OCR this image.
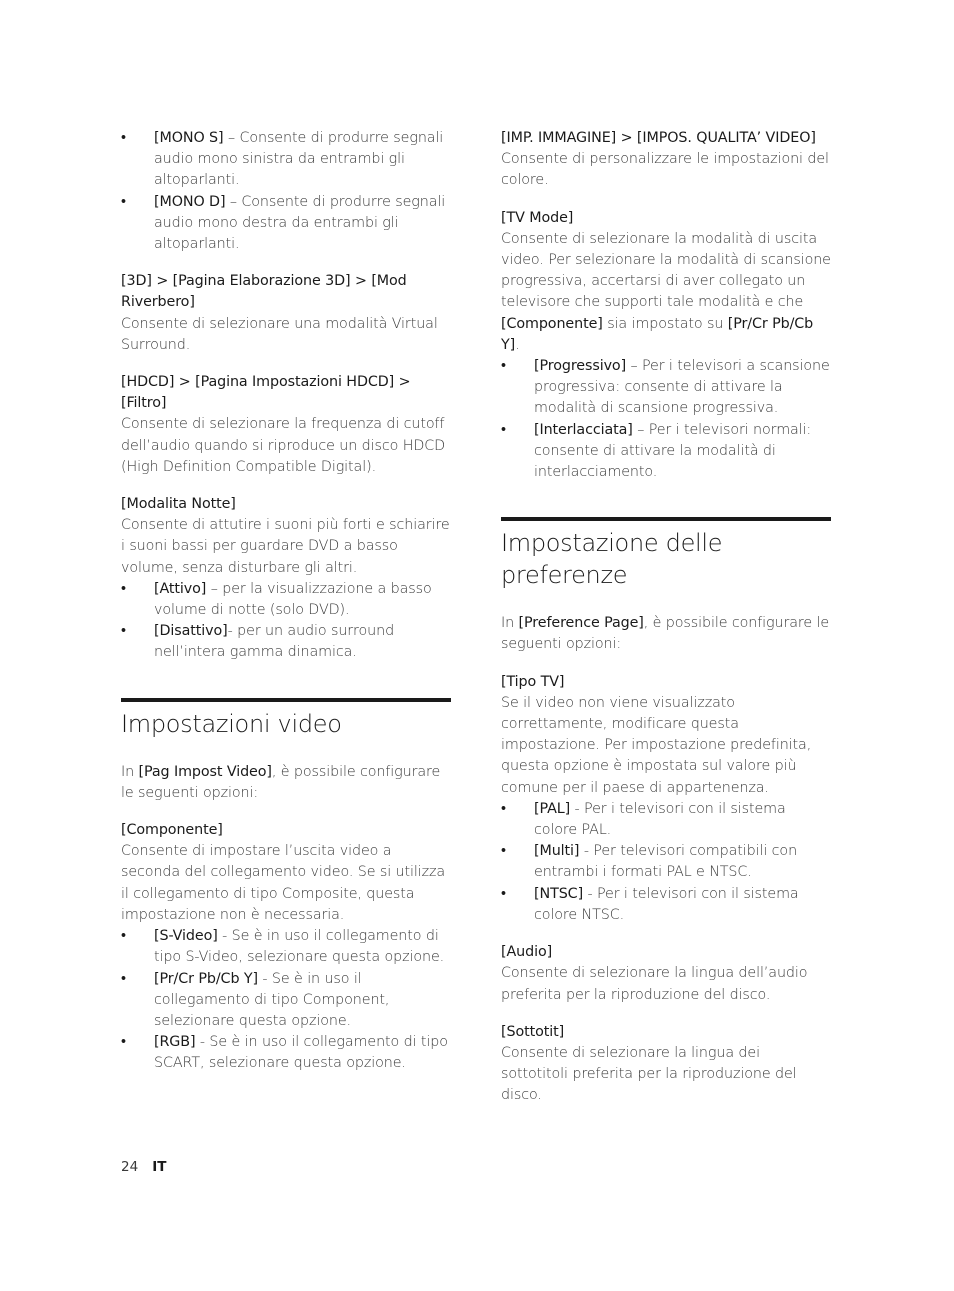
• [MONO S] – Consente di produrre segnali audio mono sinistra da entrambi gli altoparlanti.
• [MONO D] – Consente di produrre segnali audio mono destra da entrambi gli altoparlanti.

[3D] > [Pagina Elaborazione 3D] > [Mod Riverbero]

Consente di selezionare una modalità Virtual Surround.

[HDCD] > [Pagina Impostazioni HDCD] > [Filtro]

Consente di selezionare la frequenza di cutoff dell’audio quando si riproduce un disco HDCD (High Definition Compatible Digital).

[Modalita Notte]

Consente di attutire i suoni più forti e schiarire i suoni bassi per guardare DVD a basso volume, senza disturbare gli altri.

• [Attivo] – per la visualizzazione a basso volume di notte (solo DVD).
• [Disattivo]- per un audio surround nell’intera gamma dinamica.
Impostazioni video

In [Pag Impost Video], è possibile configurare le seguenti opzioni:

[Componente]

Consente di impostare l’uscita video a seconda del collegamento video. Se si utilizza il collegamento di tipo Composite, questa impostazione non è necessaria.

• [S-Video] - Se è in uso il collegamento di tipo S-Video, selezionare questa opzione.
• [Pr/Cr Pb/Cb Y] - Se è in uso il collegamento di tipo Component, selezionare questa opzione.
• [RGB] - Se è in uso il collegamento di tipo SCART, selezionare questa opzione.

[IMP. IMMAGINE] > [IMPOS. QUALITA’ VIDEO]

Consente di personalizzare le impostazioni del colore.

[TV Mode]

Consente di selezionare la modalità di uscita video. Per selezionare la modalità di scansione progressiva, accertarsi di aver collegato un televisore che supporti tale modalità e che [Componente] sia impostato su [Pr/Cr Pb/Cb Y].

• [Progressivo] – Per i televisori a scansione progressiva: consente di attivare la modalità di scansione progressiva.
• [Interlacciata] – Per i televisori normali: consente di attivare la modalità di interlacciamento.
Impostazione delle preferenze

In [Preference Page], è possibile configurare le seguenti opzioni:

[Tipo TV]

Se il video non viene visualizzato correttamente, modificare questa impostazione. Per impostazione predefinita, questa opzione è impostata sul valore più comune per il paese di appartenenza.

• [PAL] - Per i televisori con il sistema colore PAL.
• [Multi] - Per televisori compatibili con entrambi i formati PAL e NTSC.
• [NTSC] - Per i televisori con il sistema colore NTSC.

[Audio]

Consente di selezionare la lingua dell’audio preferita per la riproduzione del disco.

[Sottotit]

Consente di selezionare la lingua dei sottotitoli preferita per la riproduzione del disco.

24 IT
